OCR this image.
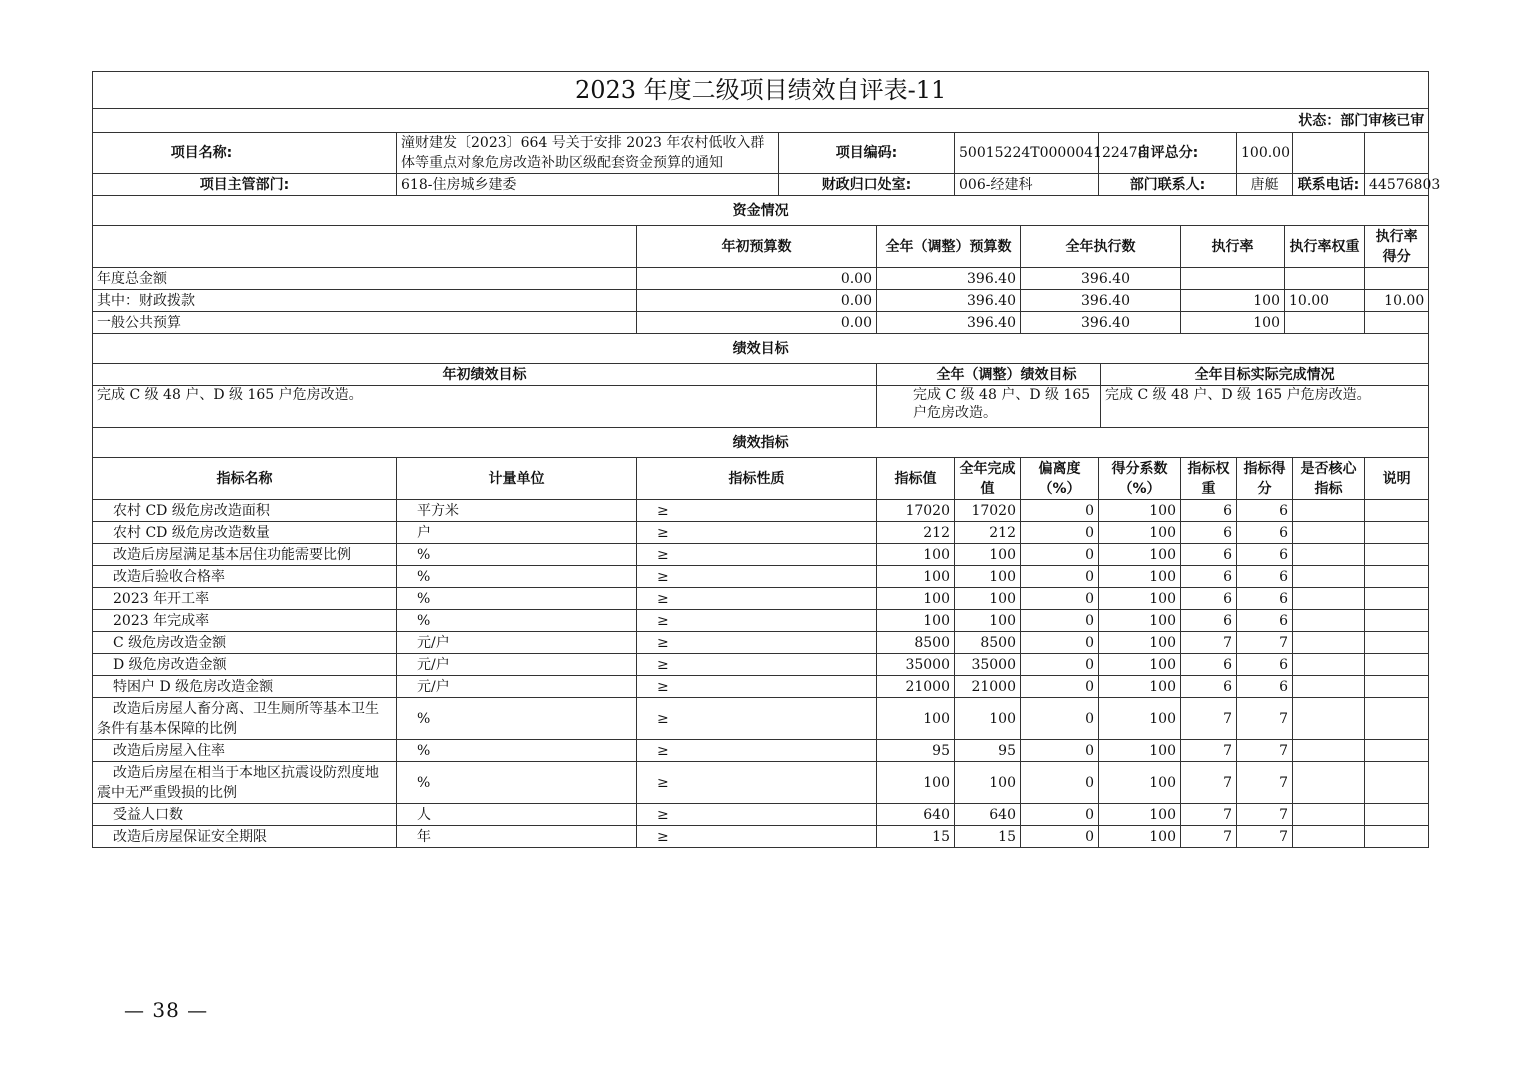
2023 年度二级项目绩效自评表-11													
状态：部门审核已审													
项目名称:	潼财建发〔2023〕664 号关于安排 2023 年农村低收入群体等重点对象危房改造补助区级配套资金预算的通知		项目编码:		50015224T000004122478		自评总分:			100.00			
项目主管部门:	618-住房城乡建委		财政归口处室:		006-经建科		部门联系人:			唐艇		联系电话:	44576803
资金情况													
		年初预算数		全年（调整）预算数		全年执行数			执行率		执行率权重		执行率得分
年度总金额		0.00		396.40		396.40							
其中：财政拨款		0.00		396.40		396.40			100		10.00		10.00
一般公共预算		0.00		396.40		396.40			100				
绩效目标													
年初绩效目标				全年（调整）绩效目标				全年目标实际完成情况					
完成 C 级 48 户、D 级 165 户危房改造。				完成 C 级 48 户、D 级 165 户危房改造。				完成 C 级 48 户、D 级 165 户危房改造。					
绩效指标													
指标名称	计量单位	指标性质		指标值	全年完成值	偏离度（%）	得分系数（%）		指标权重	指标得分		是否核心指标	说明
农村 CD 级危房改造面积	平方米	≥		17020	17020	0	100		6	6			
农村 CD 级危房改造数量	户	≥		212	212	0	100		6	6			
改造后房屋满足基本居住功能需要比例	%	≥		100	100	0	100		6	6			
改造后验收合格率	%	≥		100	100	0	100		6	6			
2023 年开工率	%	≥		100	100	0	100		6	6			
2023 年完成率	%	≥		100	100	0	100		6	6			
C 级危房改造金额	元/户	≥		8500	8500	0	100		7	7			
D 级危房改造金额	元/户	≥		35000	35000	0	100		6	6			
特困户 D 级危房改造金额	元/户	≥		21000	21000	0	100		6	6			
改造后房屋人畜分离、卫生厕所等基本卫生条件有基本保障的比例	%	≥		100	100	0	100		7	7			
改造后房屋入住率	%	≥		95	95	0	100		7	7			
改造后房屋在相当于本地区抗震设防烈度地震中无严重毁损的比例	%	≥		100	100	0	100		7	7			
受益人口数	人	≥		640	640	0	100		7	7			
改造后房屋保证安全期限	年	≥		15	15	0	100		7	7			
— 38 —
